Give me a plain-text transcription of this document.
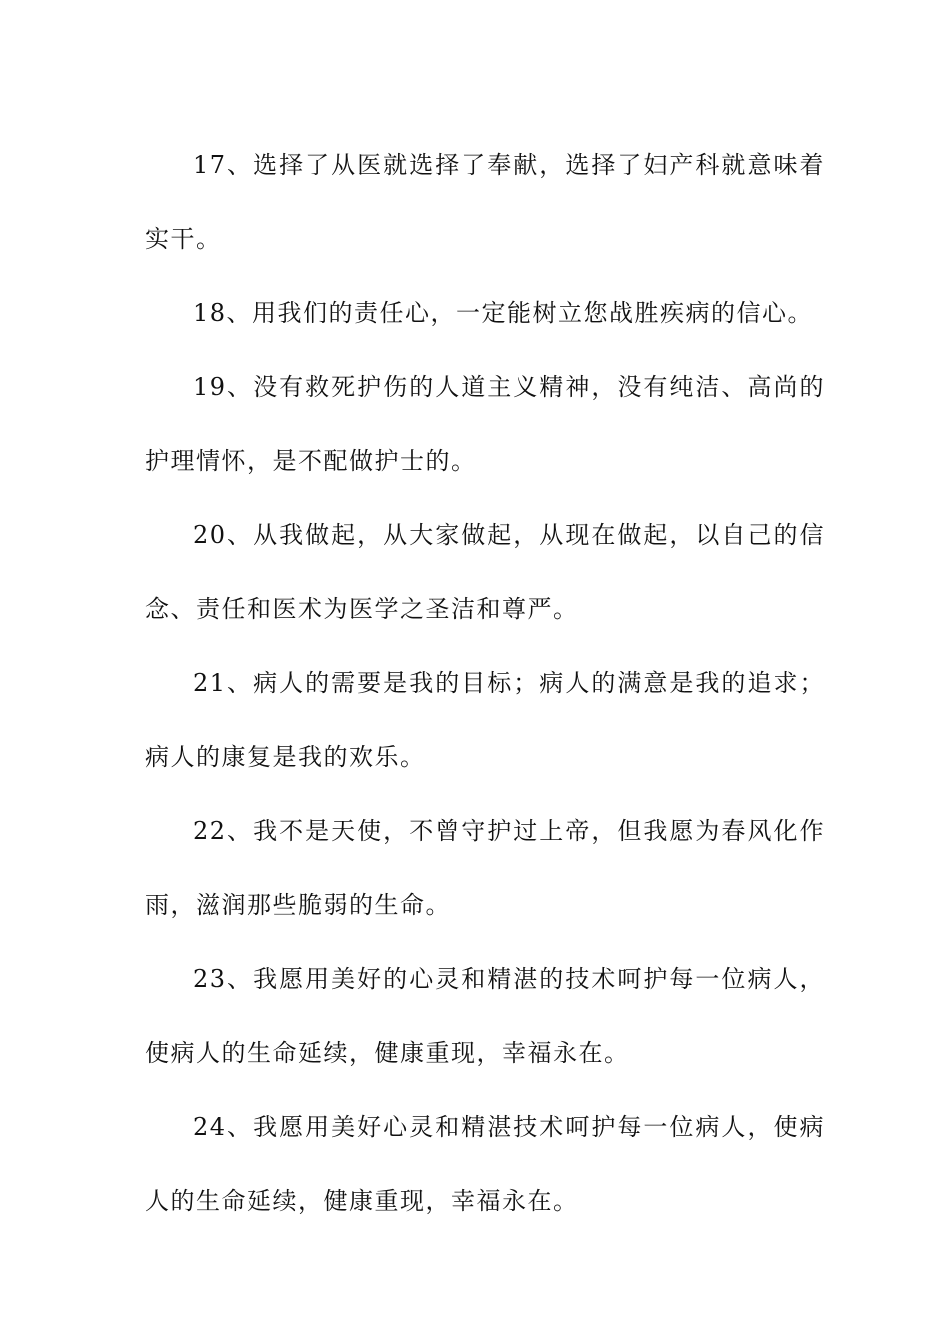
17、选择了从医就选择了奉献，选择了妇产科就意味着实干。

18、用我们的责任心，一定能树立您战胜疾病的信心。

19、没有救死护伤的人道主义精神，没有纯洁、高尚的护理情怀，是不配做护士的。

20、从我做起，从大家做起，从现在做起，以自己的信念、责任和医术为医学之圣洁和尊严。

21、病人的需要是我的目标；病人的满意是我的追求；病人的康复是我的欢乐。

22、我不是天使，不曾守护过上帝，但我愿为春风化作雨，滋润那些脆弱的生命。

23、我愿用美好的心灵和精湛的技术呵护每一位病人，使病人的生命延续，健康重现，幸福永在。

24、我愿用美好心灵和精湛技术呵护每一位病人，使病人的生命延续，健康重现，幸福永在。
